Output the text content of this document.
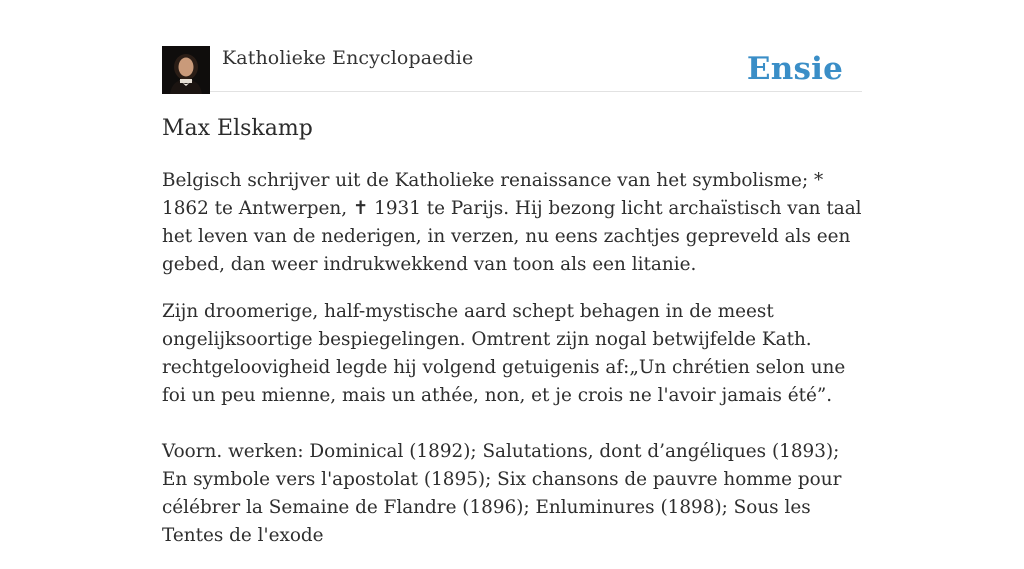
Katholieke Encyclopaedie	Ensie
Max Elskamp

Belgisch schrijver uit de Katholieke renaissance van het symbolisme; * 1862 te Antwerpen, ✝ 1931 te Parijs. Hij bezong licht archaïstisch van taal het leven van de nederigen, in verzen, nu eens zachtjes gepreveld als een gebed, dan weer indrukwekkend van toon als een litanie.

Zijn droomerige, half-mystische aard schept behagen in de meest ongelijksoortige bespiegelingen. Omtrent zijn nogal betwijfelde Kath. rechtgeloovigheid legde hij volgend getuigenis af:„Un chrétien selon une foi un peu mienne, mais un athée, non, et je crois ne l'avoir jamais été”.

Voorn. werken: Dominical (1892); Salutations, dont d’angéliques (1893); En symbole vers l'apostolat (1895); Six chansons de pauvre homme pour célébrer la Semaine de Flandre (1896); Enluminures (1898); Sous les Tentes de l'exode
